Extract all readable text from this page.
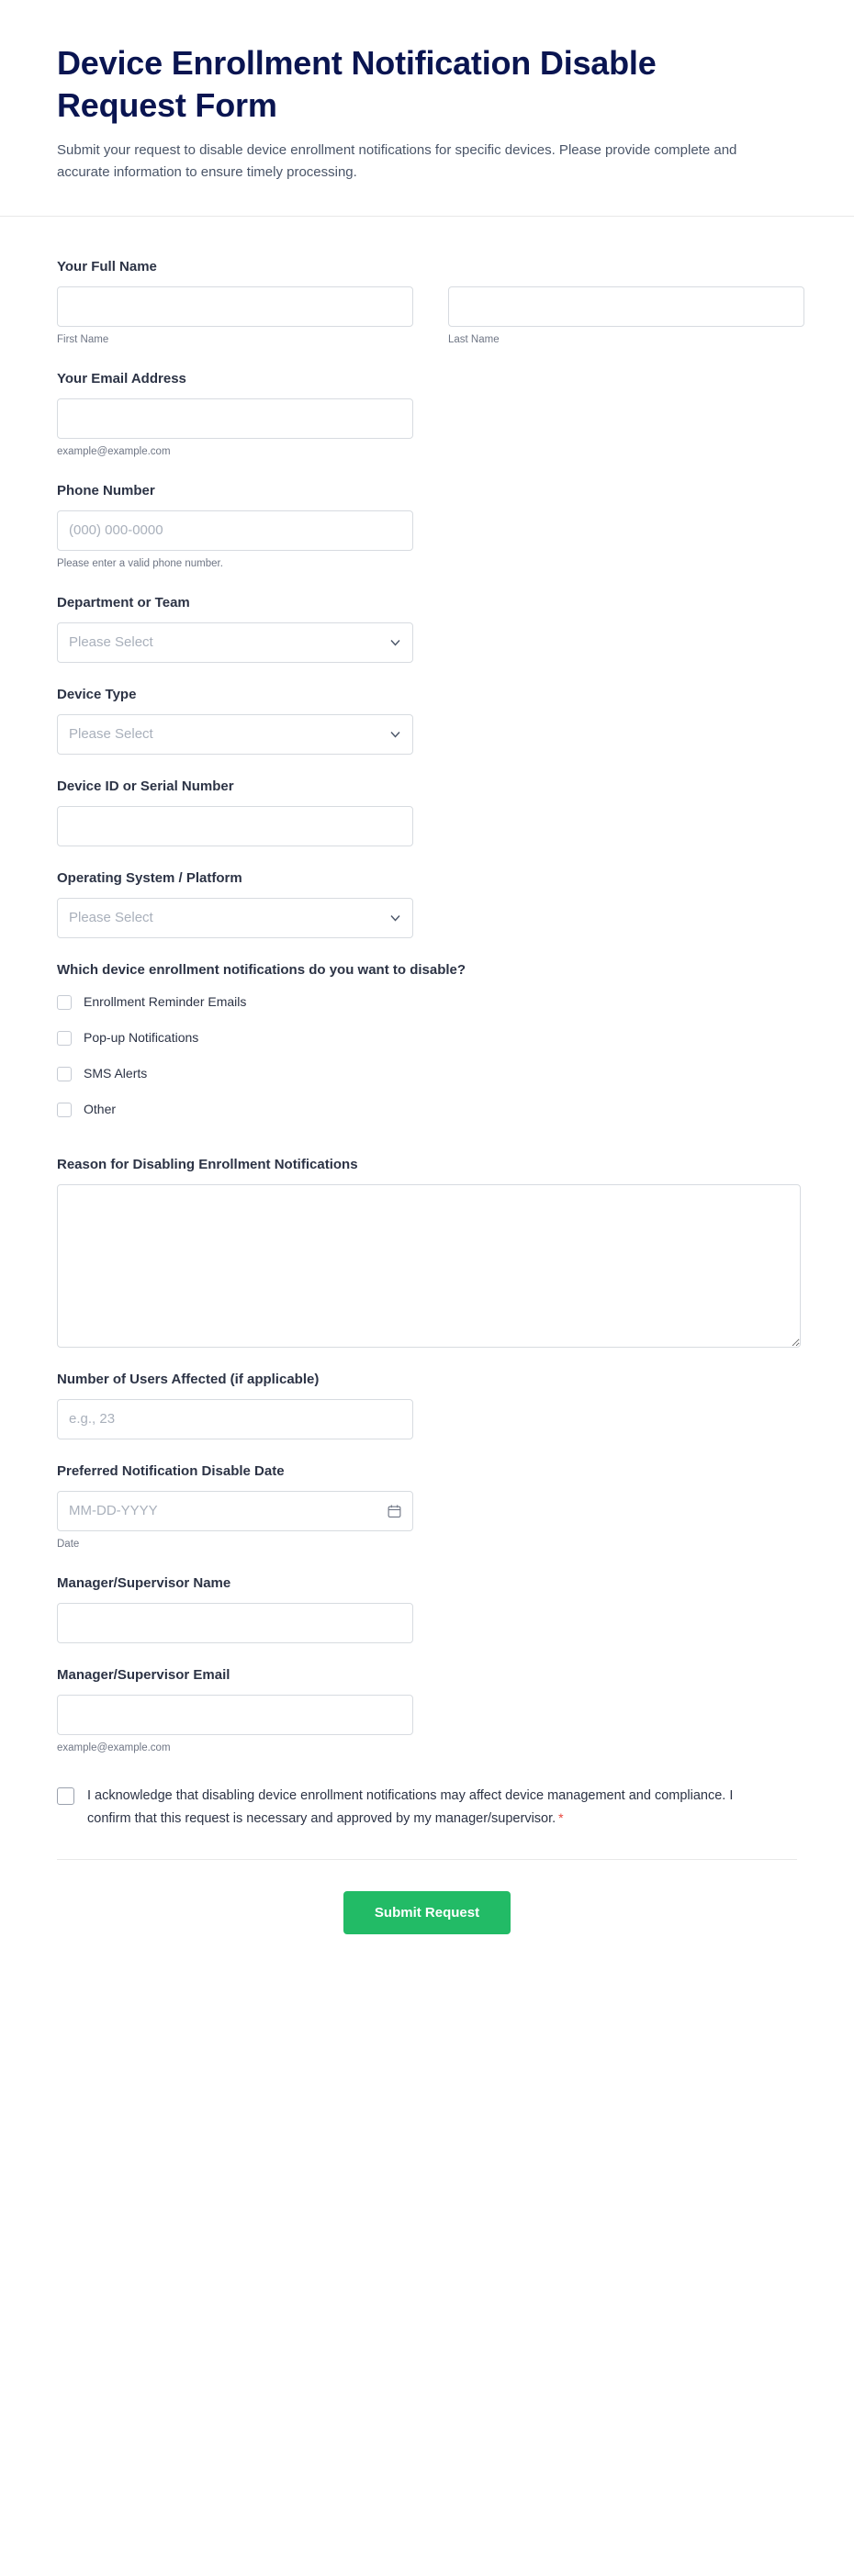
Device Enrollment Notification Disable Request Form

Submit your request to disable device enrollment notifications for specific devices. Please provide complete and accurate information to ensure timely processing.

Your Full Name
First Name	Last Name
Your Email Address
example@example.com
Phone Number
(000) 000-0000
Please enter a valid phone number.
Department or Team
Please Select
Device Type
Please Select
Device ID or Serial Number
Operating System / Platform
Please Select
Which device enrollment notifications do you want to disable?
Enrollment Reminder Emails
Pop-up Notifications
SMS Alerts
Other
Reason for Disabling Enrollment Notifications
Number of Users Affected (if applicable)
e.g., 23
Preferred Notification Disable Date
MM-DD-YYYY
Date
Manager/Supervisor Name
Manager/Supervisor Email
example@example.com
I acknowledge that disabling device enrollment notifications may affect device management and compliance. I confirm that this request is necessary and approved by my manager/supervisor. *
Submit Request
